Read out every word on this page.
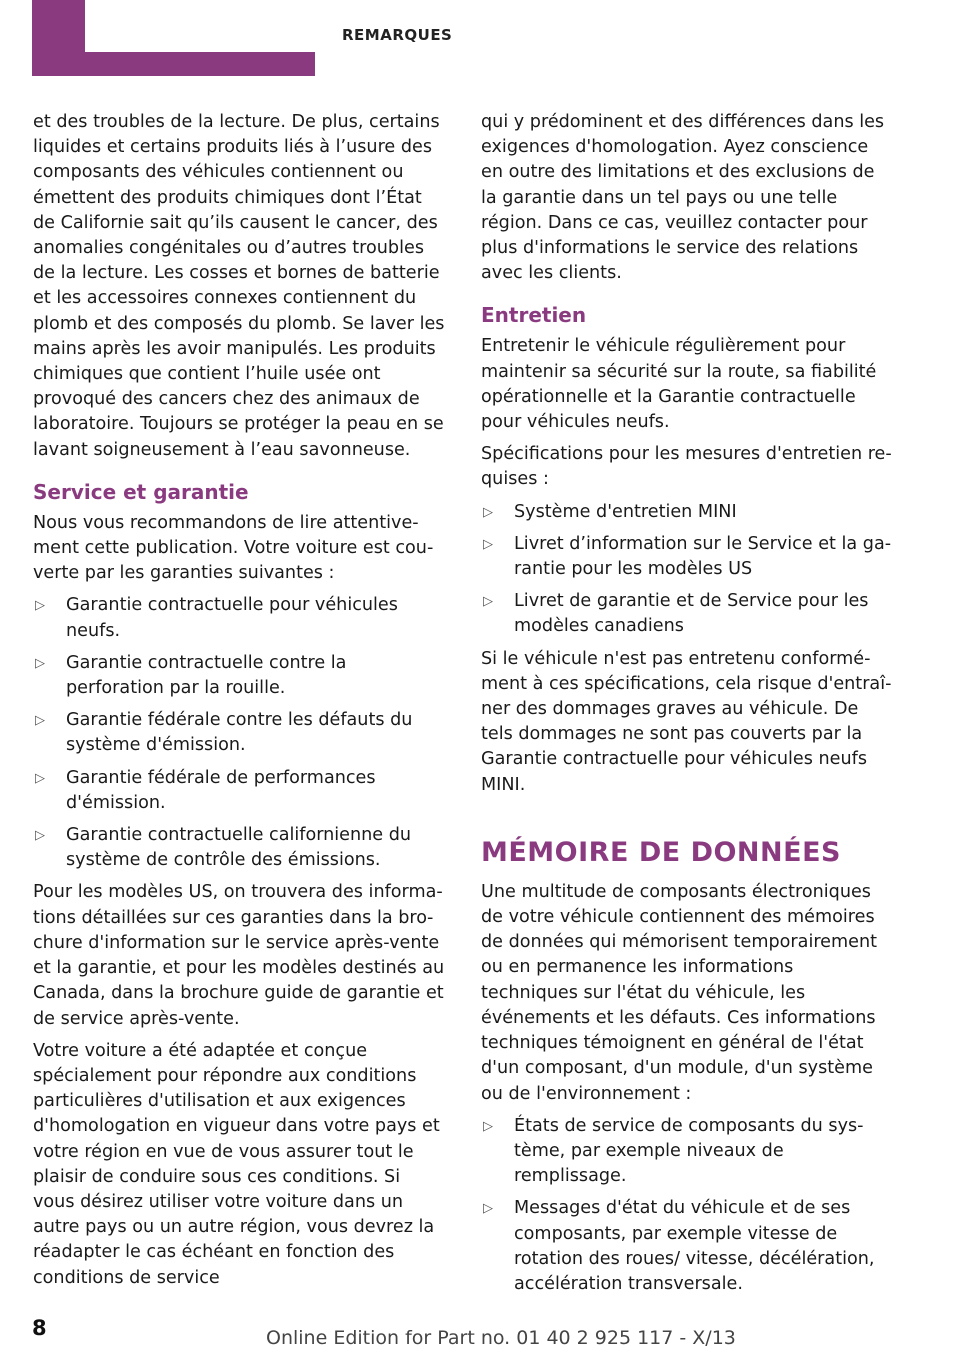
REMARQUES

et des troubles de la lecture. De plus, certains liquides et certains produits liés à l’usure des composants des véhicules contiennent ou émettent des produits chimiques dont l’État de Californie sait qu’ils causent le cancer, des anomalies congénitales ou d’autres troubles de la lecture. Les cosses et bornes de batterie et les accessoires connexes contiennent du plomb et des composés du plomb. Se laver les mains après les avoir manipulés. Les produits chimiques que contient l’huile usée ont provoqué des cancers chez des animaux de laboratoire. Toujours se protéger la peau en se lavant soigneusement à l’eau savonneuse.

Service et garantie

Nous vous recommandons de lire attentivement cette publication. Votre voiture est couverte par les garanties suivantes :

▷ Garantie contractuelle pour véhicules neufs.
▷ Garantie contractuelle contre la perforation par la rouille.
▷ Garantie fédérale contre les défauts du système d'émission.
▷ Garantie fédérale de performances d'émission.
▷ Garantie contractuelle californienne du système de contrôle des émissions.

Pour les modèles US, on trouvera des informations détaillées sur ces garanties dans la brochure d'information sur le service après-vente et la garantie, et pour les modèles destinés au Canada, dans la brochure guide de garantie et de service après-vente.

Votre voiture a été adaptée et conçue spécialement pour répondre aux conditions particulières d'utilisation et aux exigences d'homologation en vigueur dans votre pays et votre région en vue de vous assurer tout le plaisir de conduire sous ces conditions. Si vous désirez utiliser votre voiture dans un autre pays ou un autre région, vous devrez la réadapter le cas échéant en fonction des conditions de service

qui y prédominent et des différences dans les exigences d'homologation. Ayez conscience en outre des limitations et des exclusions de la garantie dans un tel pays ou une telle région. Dans ce cas, veuillez contacter pour plus d'informations le service des relations avec les clients.

Entretien

Entretenir le véhicule régulièrement pour maintenir sa sécurité sur la route, sa fiabilité opérationnelle et la Garantie contractuelle pour véhicules neufs.

Spécifications pour les mesures d'entretien requises :

▷ Système d'entretien MINI
▷ Livret d’information sur le Service et la garantie pour les modèles US
▷ Livret de garantie et de Service pour les modèles canadiens

Si le véhicule n'est pas entretenu conformément à ces spécifications, cela risque d'entraîner des dommages graves au véhicule. De tels dommages ne sont pas couverts par la Garantie contractuelle pour véhicules neufs MINI.

MÉMOIRE DE DONNÉES

Une multitude de composants électroniques de votre véhicule contiennent des mémoires de données qui mémorisent temporairement ou en permanence les informations techniques sur l'état du véhicule, les événements et les défauts. Ces informations techniques témoignent en général de l'état d'un composant, d'un module, d'un système ou de l'environnement :

▷ États de service de composants du système, par exemple niveaux de remplissage.
▷ Messages d'état du véhicule et de ses composants, par exemple vitesse de rotation des roues/ vitesse, décélération, accélération transversale.
8	Online Edition for Part no. 01 40 2 925 117 - X/13
